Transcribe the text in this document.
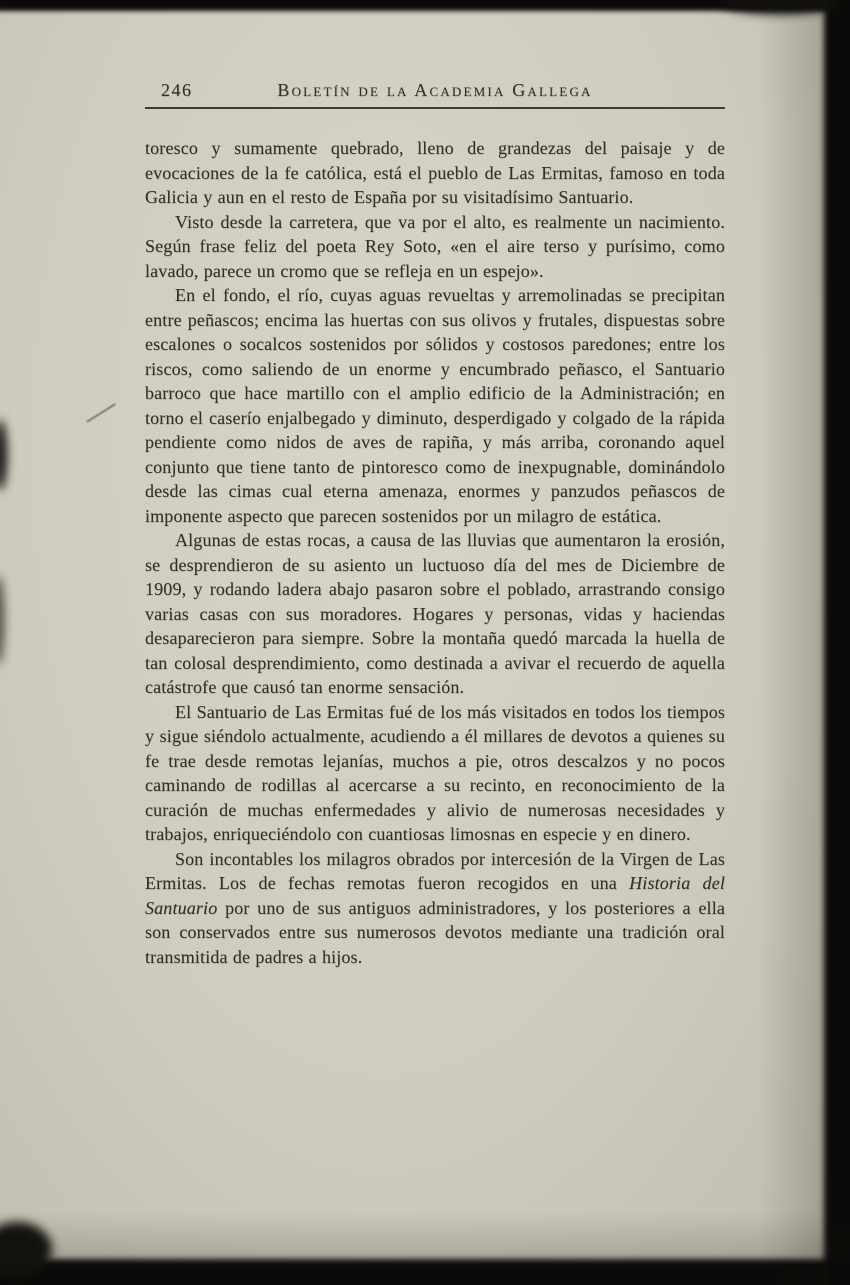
246	Boletín de la Academia Gallega

toresco y sumamente quebrado, lleno de grandezas del paisaje y de evocaciones de la fe católica, está el pueblo de Las Ermitas, famoso en toda Galicia y aun en el resto de España por su visitadísimo Santuario.

Visto desde la carretera, que va por el alto, es realmente un nacimiento. Según frase feliz del poeta Rey Soto, «en el aire terso y purísimo, como lavado, parece un cromo que se refleja en un espejo».

En el fondo, el río, cuyas aguas revueltas y arremolinadas se precipitan entre peñascos; encima las huertas con sus olivos y frutales, dispuestas sobre escalones o socalcos sostenidos por sólidos y costosos paredones; entre los riscos, como saliendo de un enorme y encumbrado peñasco, el Santuario barroco que hace martillo con el amplio edificio de la Administración; en torno el caserío enjalbegado y diminuto, desperdigado y colgado de la rápida pendiente como nidos de aves de rapiña, y más arriba, coronando aquel conjunto que tiene tanto de pintoresco como de inexpugnable, dominándolo desde las cimas cual eterna amenaza, enormes y panzudos peñascos de imponente aspecto que parecen sostenidos por un milagro de estática.

Algunas de estas rocas, a causa de las lluvias que aumentaron la erosión, se desprendieron de su asiento un luctuoso día del mes de Diciembre de 1909, y rodando ladera abajo pasaron sobre el poblado, arrastrando consigo varias casas con sus moradores. Hogares y personas, vidas y haciendas desaparecieron para siempre. Sobre la montaña quedó marcada la huella de tan colosal desprendimiento, como destinada a avivar el recuerdo de aquella catástrofe que causó tan enorme sensación.

El Santuario de Las Ermitas fué de los más visitados en todos los tiempos y sigue siéndolo actualmente, acudiendo a él millares de devotos a quienes su fe trae desde remotas lejanías, muchos a pie, otros descalzos y no pocos caminando de rodillas al acercarse a su recinto, en reconocimiento de la curación de muchas enfermedades y alivio de numerosas necesidades y trabajos, enriqueciéndolo con cuantiosas limosnas en especie y en dinero.

Son incontables los milagros obrados por intercesión de la Virgen de Las Ermitas. Los de fechas remotas fueron recogidos en una Historia del Santuario por uno de sus antiguos administradores, y los posteriores a ella son conservados entre sus numerosos devotos mediante una tradición oral transmitida de padres a hijos.
